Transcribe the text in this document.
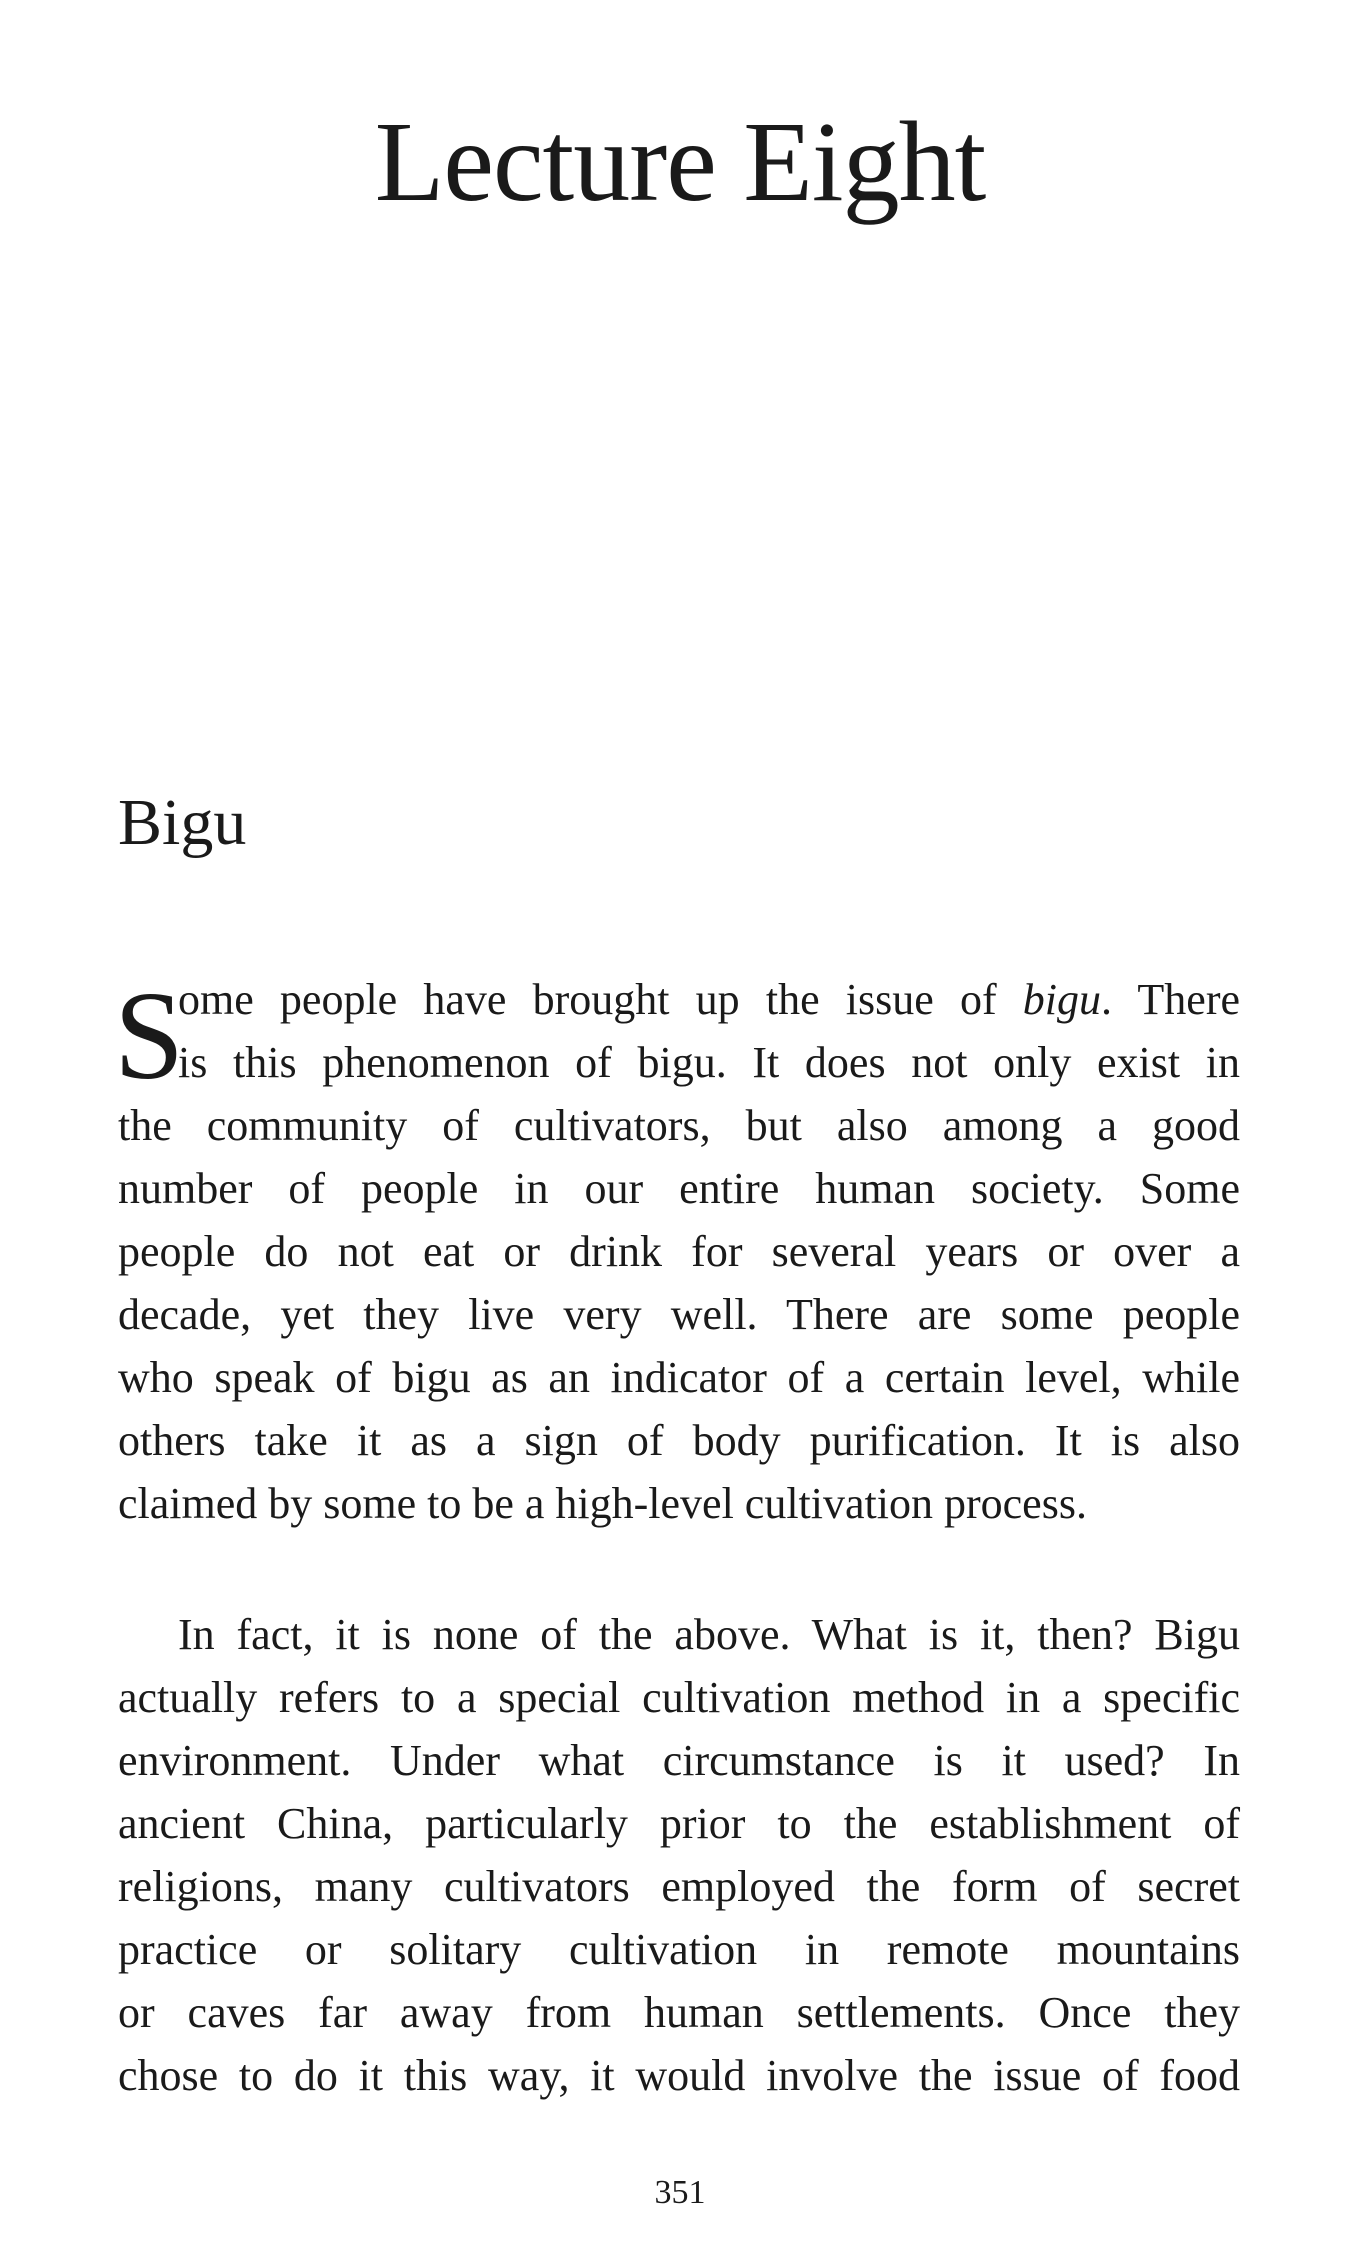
Lecture Eight
Bigu
S
ome people have brought up the issue of bigu. There
is this phenomenon of bigu. It does not only exist in
the community of cultivators, but also among a good
number of people in our entire human society. Some
people do not eat or drink for several years or over a
decade, yet they live very well. There are some people
who speak of bigu as an indicator of a certain level, while
others take it as a sign of body purification. It is also
claimed by some to be a high-level cultivation process.
In fact, it is none of the above. What is it, then? Bigu
actually refers to a special cultivation method in a specific
environment. Under what circumstance is it used? In
ancient China, particularly prior to the establishment of
religions, many cultivators employed the form of secret
practice or solitary cultivation in remote mountains
or caves far away from human settlements. Once they
chose to do it this way, it would involve the issue of food
351
